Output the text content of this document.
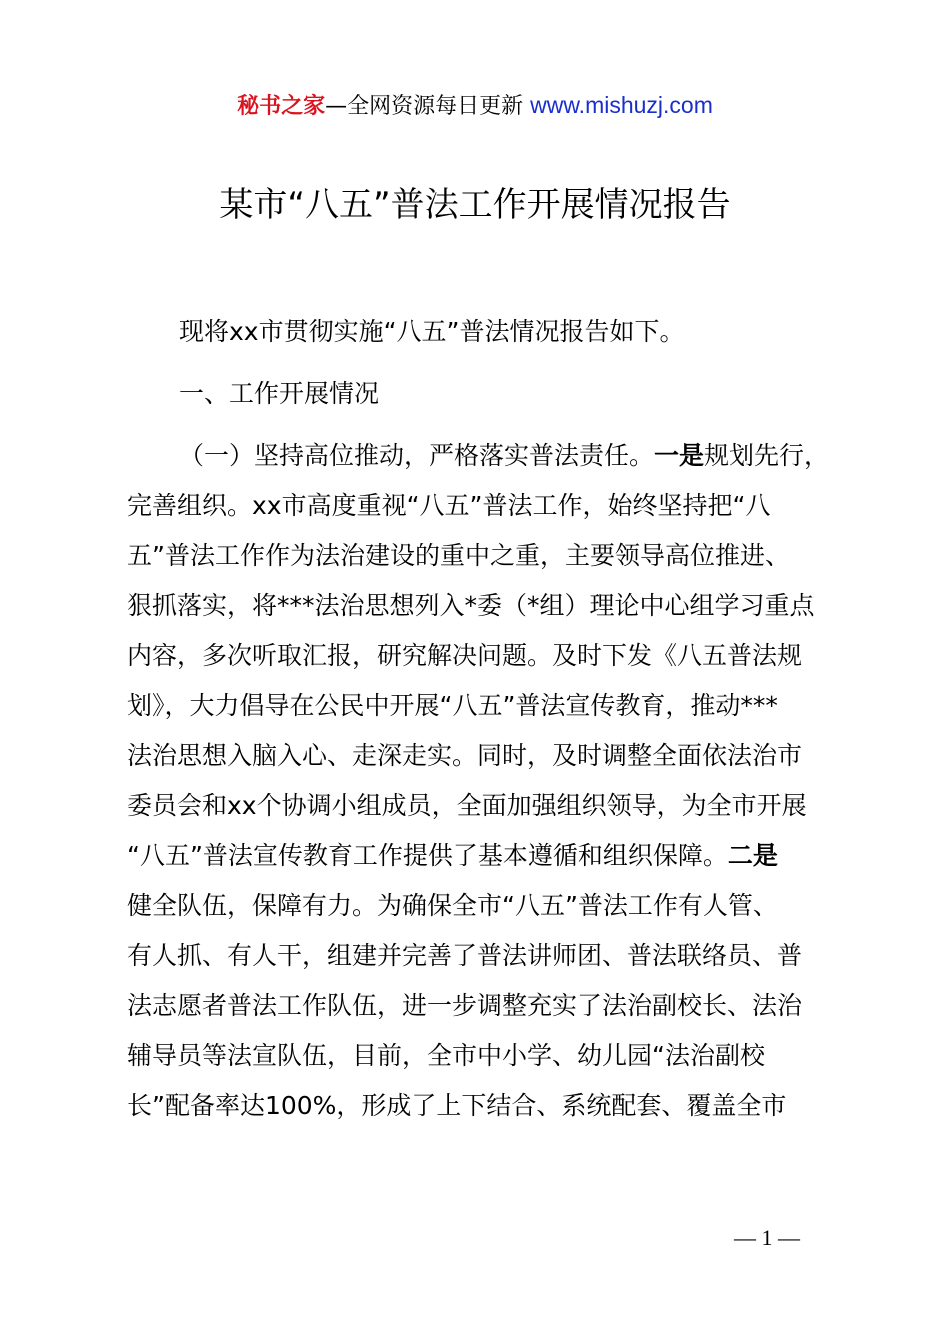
秘书之家—全网资源每日更新 www.mishuzj.com
某市“八五”普法工作开展情况报告
现将xx市贯彻实施“八五”普法情况报告如下。
一、工作开展情况
（一）坚持高位推动，严格落实普法责任。一是规划先行，
完善组织。xx市高度重视“八五”普法工作，始终坚持把“八
五”普法工作作为法治建设的重中之重，主要领导高位推进、
狠抓落实，将***法治思想列入*委（*组）理论中心组学习重点
内容，多次听取汇报，研究解决问题。及时下发《八五普法规
划》，大力倡导在公民中开展“八五”普法宣传教育，推动***
法治思想入脑入心、走深走实。同时，及时调整全面依法治市
委员会和xx个协调小组成员，全面加强组织领导，为全市开展
“八五”普法宣传教育工作提供了基本遵循和组织保障。二是
健全队伍，保障有力。为确保全市“八五”普法工作有人管、
有人抓、有人干，组建并完善了普法讲师团、普法联络员、普
法志愿者普法工作队伍，进一步调整充实了法治副校长、法治
辅导员等法宣队伍，目前，全市中小学、幼儿园“法治副校
长”配备率达100%，形成了上下结合、系统配套、覆盖全市
— 1 —
